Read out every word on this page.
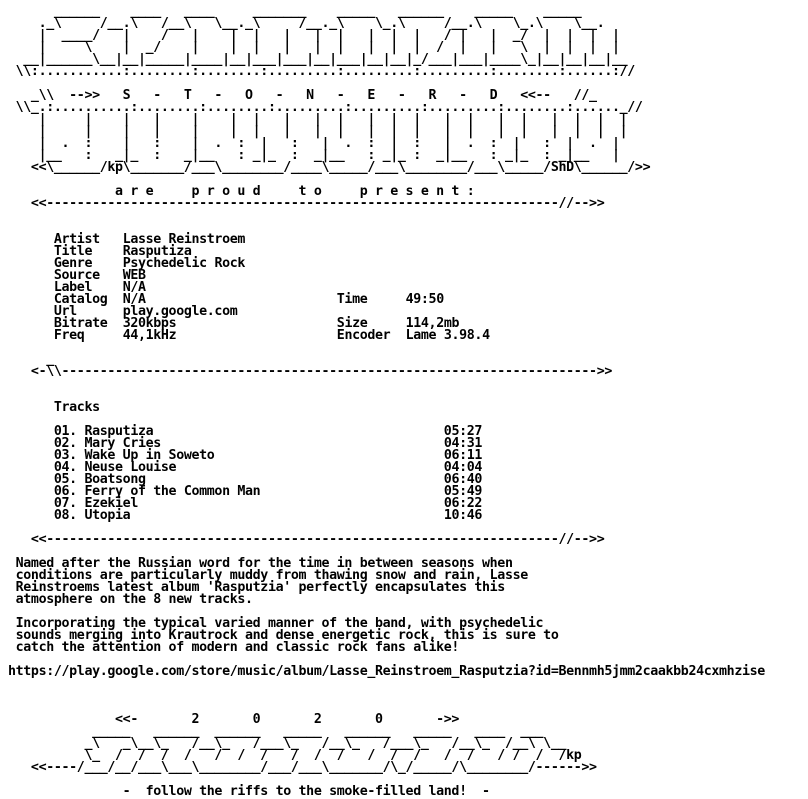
______    ____   ____     _______    _____   ______    _____    _____
._\     /__.\   /__\   \__._\     /__._\    \_.\     /__.\    \_.\    \__.
|  ____/   |    /   |    |  |   |   |  |   |  |  |   / |   |  _/  |  |  |  |
|     \    |  _/    |    |  |   |   |  |   |  |  |  /  |   |   \  |  |  |  |
__|______\__|__|_____|____|__|___|___|__|___|__|__|_/___|___|____\_|__|__|__|__
\\:...........:........:........:.........:.........:.........:........:......://
_\\  -->>   S   -   T   -   O   -   N   -   E   -   R   -   D   <<--   //_
\\_.:..........:........:........:.........:.........:.........:........:......_//
|     |    |   |    |    |  |   |   |  |   |  |  |   |  |   |  |   |  |  |  |
|     |    |   |    |    |  |   |   |  |   |  |  |   |  |   |  |   |  |  |  |
|  .  :    |   :    |  .  :  |   :   |  .  :  |  :   |  .  :  |   :  |  .  |
|__   :   _|_  :   _|__   : _|_  :  _|__   : _|_ :  _|__   : _|_  : _|__   |
<<\______/kp\_______/___\________/____\_____/___\________/___\_____/ShD\______/>>

a r e     p r o u d     t o     p r e s e n t :
<<-------------------------------------------------------------------//-->>

Artist Lasse Reinstroem
Title Rasputiza
Genre Psychedelic Rock
Source WEB
Label N/A
Catalog N/A	Time	49:50
Url	play.google.com
Bitrate 320kbps	Size	114,2mb
Freq	44,1kHz	Encoder Lame 3.98.4

_
<-\\---------------------------------------------------------------------->>

Tracks

01. Rasputiza	05:27
02. Mary Cries	04:31
03. Wake Up in Soweto	06:11
04. Neuse Louise	04:04
05. Boatsong	06:40
06. Ferry of the Common Man	05:49
07. Ezekiel	06:22
08. Utopia	10:46

<<-------------------------------------------------------------------//-->>

Named after the Russian word for the time in between seasons when
conditions are particularly muddy from thawing snow and rain, Lasse
Reinstroems latest album 'Rasputzia' perfectly encapsulates this
atmosphere on the 8 new tracks.

Incorporating the typical varied manner of the band, with psychedelic
sounds merging into Krautrock and dense energetic rock, this is sure to
catch the attention of modern and classic rock fans alike!

https://play.google.com/store/music/album/Lasse_Reinstroem_Rasputzia?id=Bennmh5jmm2caakbb24cxmhzise

<<-       2       0       2       0       ->>
_____   ______  ______   _____   ______   _____   ____  ___
_\   _\__\_   /__\_   /___\_   /__\_   /___\_   /__\_  /__\ \__
\_  /  /  /  /   /  /  /   /  /  /   /  /  /   /  /   / /  /  /kp
<<----/___/__/___\___\________/___/___\_______/\_/_____/\________/------>>

-  follow the riffs to the smoke-filled land!  -
